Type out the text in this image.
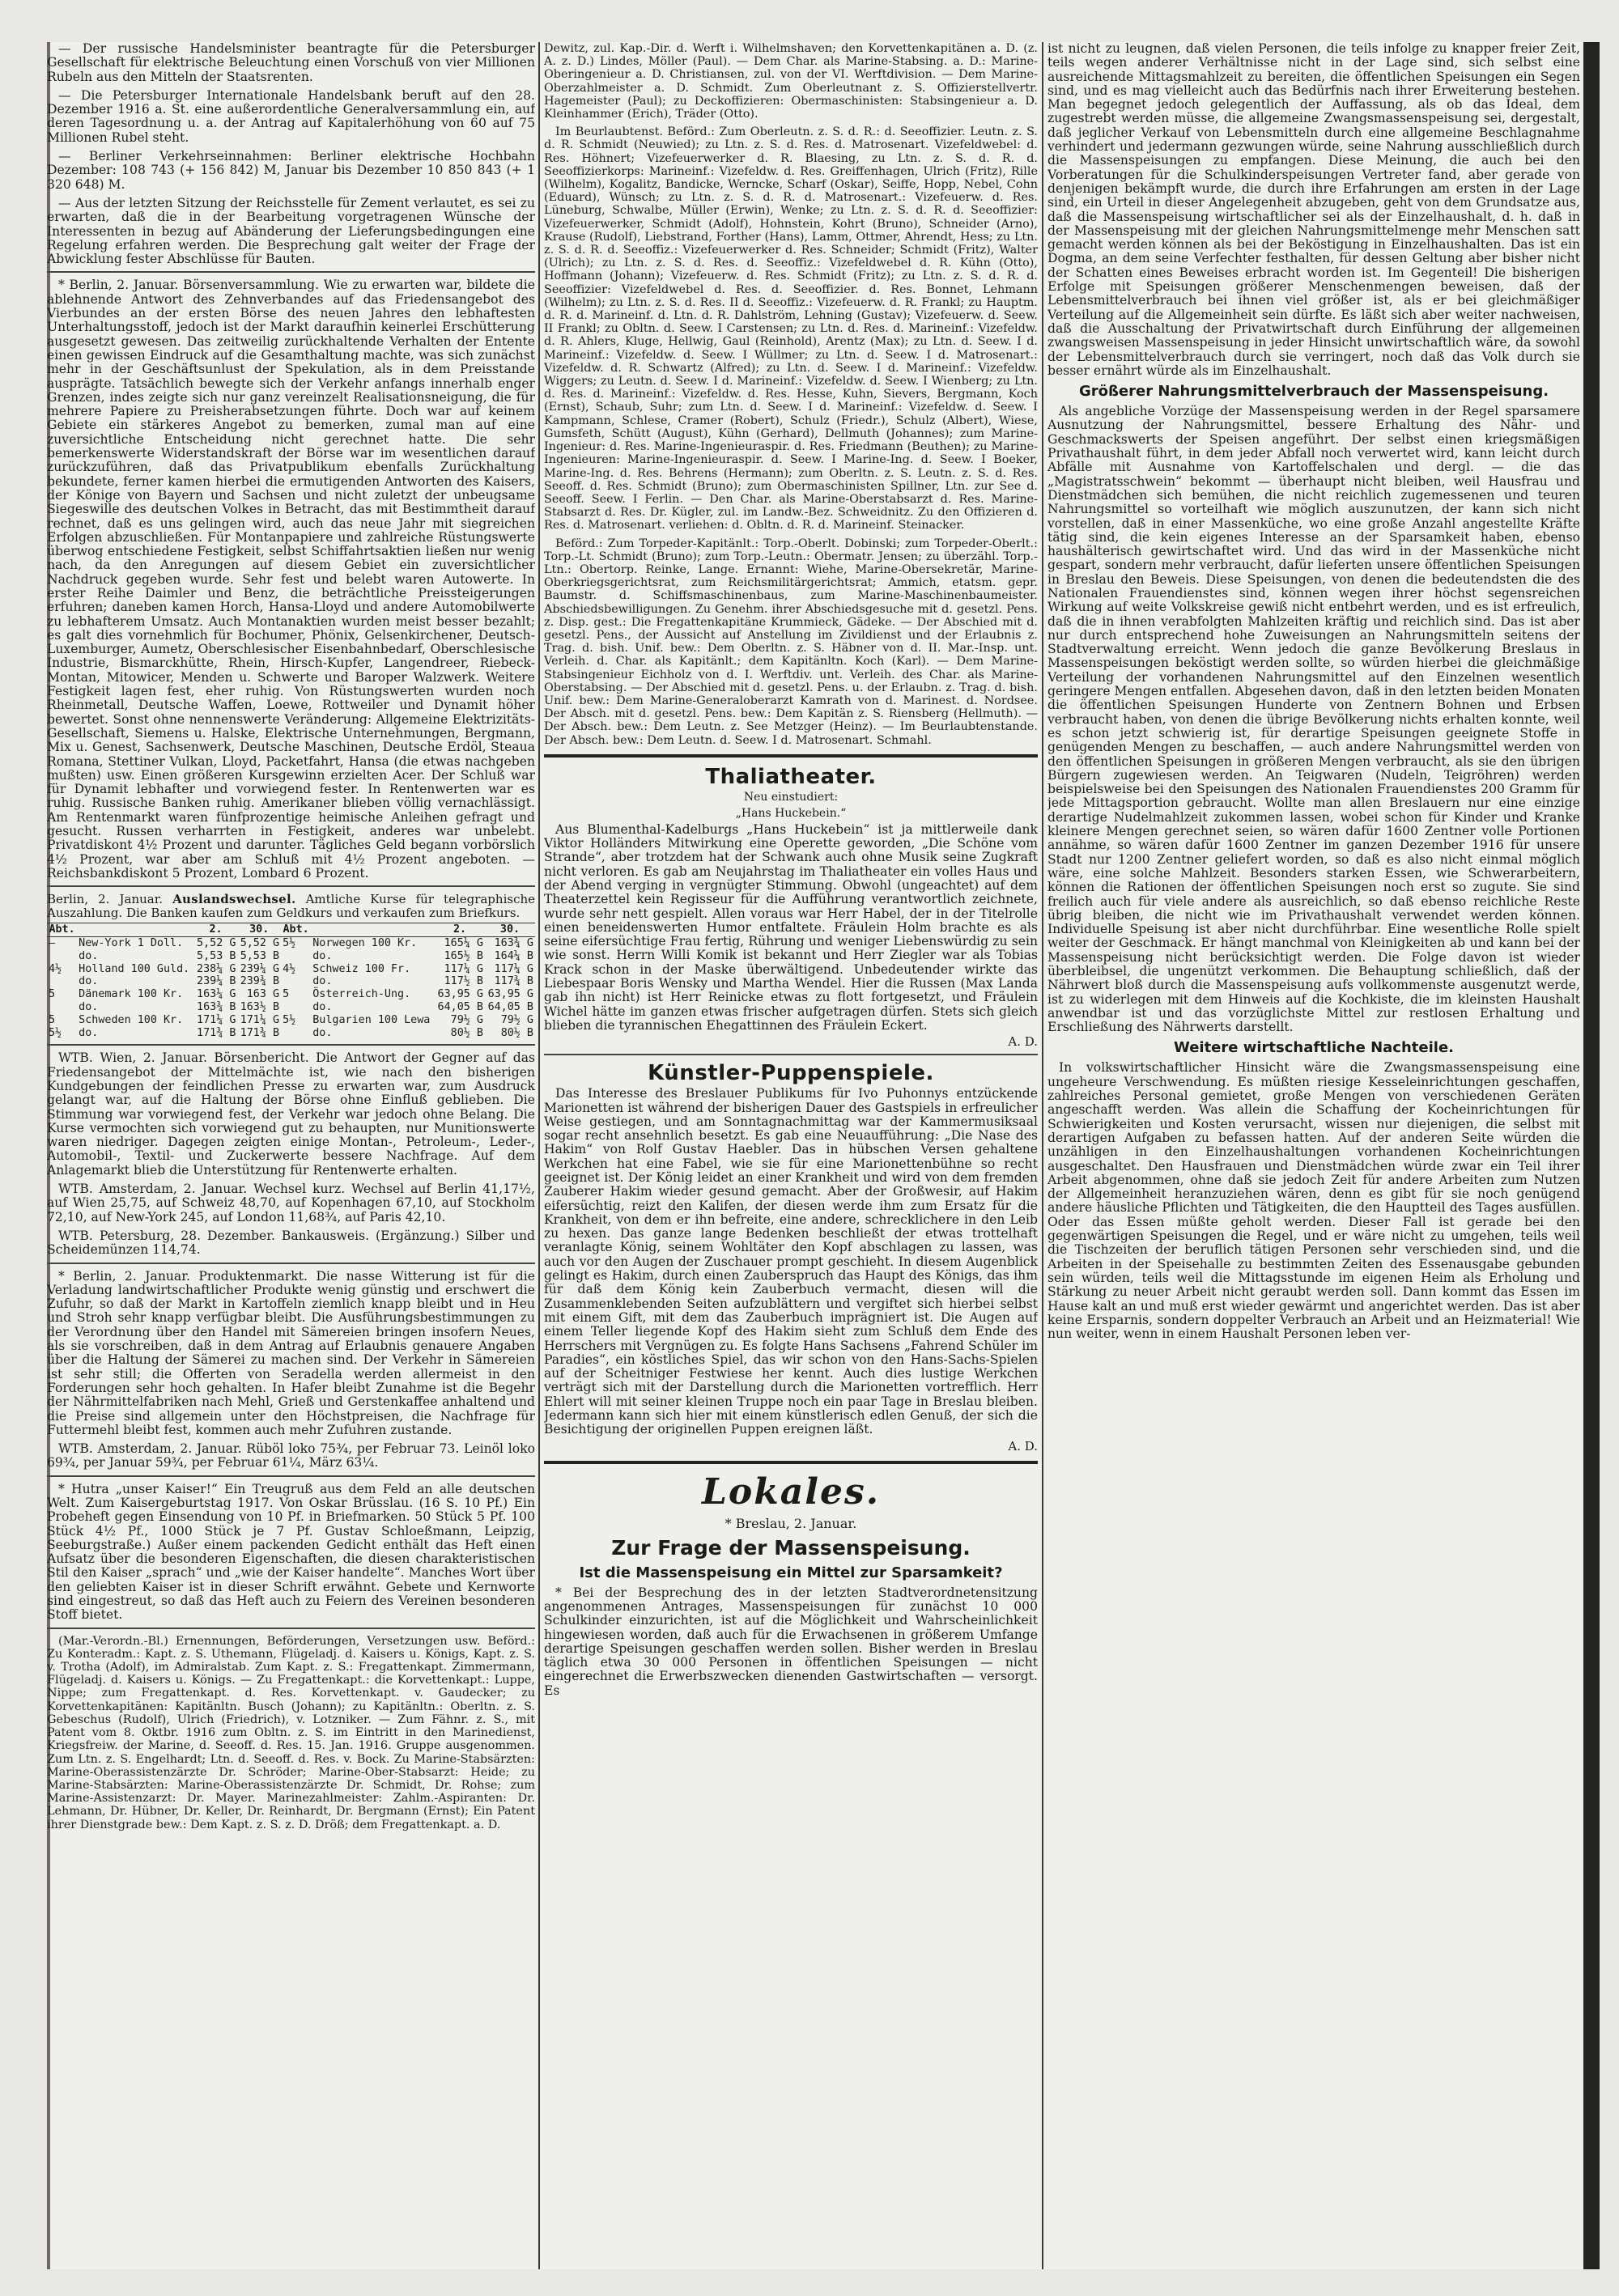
— Der russische Handelsminister beantragte für die Petersburger Gesellschaft für elektrische Beleuchtung einen Vorschuß von vier Millionen Rubeln aus den Mitteln der Staatsrenten.

— Die Petersburger Internationale Handelsbank beruft auf den 28. Dezember 1916 a. St. eine außerordentliche Generalversammlung ein, auf deren Tagesordnung u. a. der Antrag auf Kapitalerhöhung von 60 auf 75 Millionen Rubel steht.

— Berliner Verkehrseinnahmen: Berliner elektrische Hochbahn Dezember: 108 743 (+ 156 842) M, Januar bis Dezember 10 850 843 (+ 1 320 648) M.

— Aus der letzten Sitzung der Reichsstelle für Zement verlautet, es sei zu erwarten, daß die in der Bearbeitung vorgetragenen Wünsche der Interessenten in bezug auf Abänderung der Lieferungsbedingungen eine Regelung erfahren werden. Die Besprechung galt weiter der Frage der Abwicklung fester Abschlüsse für Bauten.

* Berlin, 2. Januar. Börsenversammlung. Wie zu erwarten war, bildete die ablehnende Antwort des Zehnverbandes auf das Friedensangebot des Vierbundes an der ersten Börse des neuen Jahres den lebhaftesten Unterhaltungsstoff, jedoch ist der Markt daraufhin keinerlei Erschütterung ausgesetzt gewesen. Das zeitweilig zurückhaltende Verhalten der Entente einen gewissen Eindruck auf die Gesamthaltung machte, was sich zunächst mehr in der Geschäftsunlust der Spekulation, als in dem Preisstande ausprägte. Tatsächlich bewegte sich der Verkehr anfangs innerhalb enger Grenzen, indes zeigte sich nur ganz vereinzelt Realisationsneigung, die für mehrere Papiere zu Preisherabsetzungen führte. Doch war auf keinem Gebiete ein stärkeres Angebot zu bemerken, zumal man auf eine zuversichtliche Entscheidung nicht gerechnet hatte. Die sehr bemerkenswerte Widerstandskraft der Börse war im wesentlichen darauf zurückzuführen, daß das Privatpublikum ebenfalls Zurückhaltung bekundete, ferner kamen hierbei die ermutigenden Antworten des Kaisers, der Könige von Bayern und Sachsen und nicht zuletzt der unbeugsame Siegeswille des deutschen Volkes in Betracht, das mit Bestimmtheit darauf rechnet, daß es uns gelingen wird, auch das neue Jahr mit siegreichen Erfolgen abzuschließen. Für Montanpapiere und zahlreiche Rüstungswerte überwog entschiedene Festigkeit, selbst Schiffahrtsaktien ließen nur wenig nach, da den Anregungen auf diesem Gebiet ein zuversichtlicher Nachdruck gegeben wurde. Sehr fest und belebt waren Autowerte. In erster Reihe Daimler und Benz, die beträchtliche Preissteigerungen erfuhren; daneben kamen Horch, Hansa-Lloyd und andere Automobilwerte zu lebhafterem Umsatz. Auch Montanaktien wurden meist besser bezahlt; es galt dies vornehmlich für Bochumer, Phönix, Gelsenkirchener, Deutsch-Luxemburger, Aumetz, Oberschlesischer Eisenbahnbedarf, Oberschlesische Industrie, Bismarckhütte, Rhein, Hirsch-Kupfer, Langendreer, Riebeck-Montan, Mitowicer, Menden u. Schwerte und Baroper Walzwerk. Weitere Festigkeit lagen fest, eher ruhig. Von Rüstungswerten wurden noch Rheinmetall, Deutsche Waffen, Loewe, Rottweiler und Dynamit höher bewertet. Sonst ohne nennenswerte Veränderung: Allgemeine Elektrizitäts-Gesellschaft, Siemens u. Halske, Elektrische Unternehmungen, Bergmann, Mix u. Genest, Sachsenwerk, Deutsche Maschinen, Deutsche Erdöl, Steaua Romana, Stettiner Vulkan, Lloyd, Packetfahrt, Hansa (die etwas nachgeben mußten) usw. Einen größeren Kursgewinn erzielten Acer. Der Schluß war für Dynamit lebhafter und vorwiegend fester. In Rentenwerten war es ruhig. Russische Banken ruhig. Amerikaner blieben völlig vernachlässigt. Am Rentenmarkt waren fünfprozentige heimische Anleihen gefragt und gesucht. Russen verharrten in Festigkeit, anderes war unbelebt. Privatdiskont 4½ Prozent und darunter. Tägliches Geld begann vorbörslich 4½ Prozent, war aber am Schluß mit 4½ Prozent angeboten. — Reichsbankdiskont 5 Prozent, Lombard 6 Prozent.

Berlin, 2. Januar. Auslandswechsel. Amtliche Kurse für telegraphische Auszahlung. Die Banken kaufen zum Geldkurs und verkaufen zum Briefkurs.

Abt.		2.	30.	Abt.		2.	30.
—	New-York 1 Doll.	5,52 G	5,52 G	5½	Norwegen 100 Kr.	165¼ G	163¾ G
	do.	5,53 B	5,53 B		do.	165½ B	164¼ B
4½	Holland 100 Guld.	238¼ G	239¼ G	4½	Schweiz 100 Fr.	117¼ G	117¼ G
	do.	239¼ B	239¾ B		do.	117½ B	117¾ B
5	Dänemark 100 Kr.	163¼ G	163 G	5	Österreich-Ung.	63,95 G	63,95 G
	do.	163¾ B	163½ B		do.	64,05 B	64,05 B
5	Schweden 100 Kr.	171¼ G	171¼ G	5½	Bulgarien 100 Lewa	79½ G	79½ G
5½	do.	171¾ B	171¾ B		do.	80½ B	80½ B

WTB. Wien, 2. Januar. Börsenbericht. Die Antwort der Gegner auf das Friedensangebot der Mittelmächte ist, wie nach den bisherigen Kundgebungen der feindlichen Presse zu erwarten war, zum Ausdruck gelangt war, auf die Haltung der Börse ohne Einfluß geblieben. Die Stimmung war vorwiegend fest, der Verkehr war jedoch ohne Belang. Die Kurse vermochten sich vorwiegend gut zu behaupten, nur Munitionswerte waren niedriger. Dagegen zeigten einige Montan-, Petroleum-, Leder-, Automobil-, Textil- und Zuckerwerte bessere Nachfrage. Auf dem Anlagemarkt blieb die Unterstützung für Rentenwerte erhalten.

WTB. Amsterdam, 2. Januar. Wechsel kurz. Wechsel auf Berlin 41,17½, auf Wien 25,75, auf Schweiz 48,70, auf Kopenhagen 67,10, auf Stockholm 72,10, auf New-York 245, auf London 11,68¾, auf Paris 42,10.

WTB. Petersburg, 28. Dezember. Bankausweis. (Ergänzung.) Silber und Scheidemünzen 114,74.

* Berlin, 2. Januar. Produktenmarkt. Die nasse Witterung ist für die Verladung landwirtschaftlicher Produkte wenig günstig und erschwert die Zufuhr, so daß der Markt in Kartoffeln ziemlich knapp bleibt und in Heu und Stroh sehr knapp verfügbar bleibt. Die Ausführungsbestimmungen zu der Verordnung über den Handel mit Sämereien bringen insofern Neues, als sie vorschreiben, daß in dem Antrag auf Erlaubnis genauere Angaben über die Haltung der Sämerei zu machen sind. Der Verkehr in Sämereien ist sehr still; die Offerten von Seradella werden allermeist in den Forderungen sehr hoch gehalten. In Hafer bleibt Zunahme ist die Begehr der Nährmittelfabriken nach Mehl, Grieß und Gerstenkaffee anhaltend und die Preise sind allgemein unter den Höchstpreisen, die Nachfrage für Futtermehl bleibt fest, kommen auch mehr Zufuhren zustande.

WTB. Amsterdam, 2. Januar. Rüböl loko 75¾, per Februar 73. Leinöl loko 69¾, per Januar 59¾, per Februar 61¼, März 63¼.

* Hutra „unser Kaiser!“ Ein Treugruß aus dem Feld an alle deutschen Welt. Zum Kaisergeburtstag 1917. Von Oskar Brüsslau. (16 S. 10 Pf.) Ein Probeheft gegen Einsendung von 10 Pf. in Briefmarken. 50 Stück 5 Pf. 100 Stück 4½ Pf., 1000 Stück je 7 Pf. Gustav Schloeßmann, Leipzig, Seeburgstraße.) Außer einem packenden Gedicht enthält das Heft einen Aufsatz über die besonderen Eigenschaften, die diesen charakteristischen Stil den Kaiser „sprach“ und „wie der Kaiser handelte“. Manches Wort über den geliebten Kaiser ist in dieser Schrift erwähnt. Gebete und Kernworte sind eingestreut, so daß das Heft auch zu Feiern des Vereinen besonderen Stoff bietet.

(Mar.-Verordn.-Bl.) Ernennungen, Beförderungen, Versetzungen usw. Beförd.: Zu Konteradm.: Kapt. z. S. Uthemann, Flügeladj. d. Kaisers u. Königs, Kapt. z. S. v. Trotha (Adolf), im Admiralstab. Zum Kapt. z. S.: Fregattenkapt. Zimmermann, Flügeladj. d. Kaisers u. Königs. — Zu Fregattenkapt.: die Korvettenkapt.: Luppe, Nippe; zum Fregattenkapt. d. Res. Korvettenkapt. v. Gaudecker; zu Korvettenkapitänen: Kapitänltn. Busch (Johann); zu Kapitänltn.: Oberltn. z. S. Gebeschus (Rudolf), Ulrich (Friedrich), v. Lotzniker. — Zum Fähnr. z. S., mit Patent vom 8. Oktbr. 1916 zum Obltn. z. S. im Eintritt in den Marinedienst, Kriegsfreiw. der Marine, d. Seeoff. d. Res. 15. Jan. 1916. Gruppe ausgenommen. Zum Ltn. z. S. Engelhardt; Ltn. d. Seeoff. d. Res. v. Bock. Zu Marine-Stabsärzten: Marine-Oberassistenzärzte Dr. Schröder; Marine-Ober-Stabsarzt: Heide; zu Marine-Stabsärzten: Marine-Oberassistenzärzte Dr. Schmidt, Dr. Rohse; zum Marine-Assistenzarzt: Dr. Mayer. Marinezahlmeister: Zahlm.-Aspiranten: Dr. Lehmann, Dr. Hübner, Dr. Keller, Dr. Reinhardt, Dr. Bergmann (Ernst); Ein Patent ihrer Dienstgrade bew.: Dem Kapt. z. S. z. D. Dröß; dem Fregattenkapt. a. D.

Dewitz, zul. Kap.-Dir. d. Werft i. Wilhelmshaven; den Korvettenkapitänen a. D. (z. A. z. D.) Lindes, Möller (Paul). — Dem Char. als Marine-Stabsing. a. D.: Marine-Oberingenieur a. D. Christiansen, zul. von der VI. Werftdivision. — Dem Marine-Oberzahlmeister a. D. Schmidt. Zum Oberleutnant z. S. Offizierstellvertr. Hagemeister (Paul); zu Deckoffizieren: Obermaschinisten: Stabsingenieur a. D. Kleinhammer (Erich), Träder (Otto).

Im Beurlaubtenst. Beförd.: Zum Oberleutn. z. S. d. R.: d. Seeoffizier. Leutn. z. S. d. R. Schmidt (Neuwied); zu Ltn. z. S. d. Res. d. Matrosenart. Vizefeldwebel: d. Res. Höhnert; Vizefeuerwerker d. R. Blaesing, zu Ltn. z. S. d. R. d. Seeoffizierkorps: Marineinf.: Vizefeldw. d. Res. Greiffenhagen, Ulrich (Fritz), Rille (Wilhelm), Kogalitz, Bandicke, Werncke, Scharf (Oskar), Seiffe, Hopp, Nebel, Cohn (Eduard), Wünsch; zu Ltn. z. S. d. R. d. Matrosenart.: Vizefeuerw. d. Res. Lüneburg, Schwalbe, Müller (Erwin), Wenke; zu Ltn. z. S. d. R. d. Seeoffizier: Vizefeuerwerker, Schmidt (Adolf), Hohnstein, Kohrt (Bruno), Schneider (Arno), Krause (Rudolf), Liebstrand, Forther (Hans), Lamm, Ottmer, Ahrendt, Hess; zu Ltn. z. S. d. R. d. Seeoffiz.: Vizefeuerwerker d. Res. Schneider; Schmidt (Fritz), Walter (Ulrich); zu Ltn. z. S. d. Res. d. Seeoffiz.: Vizefeldwebel d. R. Kühn (Otto), Hoffmann (Johann); Vizefeuerw. d. Res. Schmidt (Fritz); zu Ltn. z. S. d. R. d. Seeoffizier: Vizefeldwebel d. Res. d. Seeoffizier. d. Res. Bonnet, Lehmann (Wilhelm); zu Ltn. z. S. d. Res. II d. Seeoffiz.: Vizefeuerw. d. R. Frankl; zu Hauptm. d. R. d. Marineinf. d. Ltn. d. R. Dahlström, Lehning (Gustav); Vizefeuerw. d. Seew. II Frankl; zu Obltn. d. Seew. I Carstensen; zu Ltn. d. Res. d. Marineinf.: Vizefeldw. d. R. Ahlers, Kluge, Hellwig, Gaul (Reinhold), Arentz (Max); zu Ltn. d. Seew. I d. Marineinf.: Vizefeldw. d. Seew. I Wüllmer; zu Ltn. d. Seew. I d. Matrosenart.: Vizefeldw. d. R. Schwartz (Alfred); zu Ltn. d. Seew. I d. Marineinf.: Vizefeldw. Wiggers; zu Leutn. d. Seew. I d. Marineinf.: Vizefeldw. d. Seew. I Wienberg; zu Ltn. d. Res. d. Marineinf.: Vizefeldw. d. Res. Hesse, Kuhn, Sievers, Bergmann, Koch (Ernst), Schaub, Suhr; zum Ltn. d. Seew. I d. Marineinf.: Vizefeldw. d. Seew. I Kampmann, Schlese, Cramer (Robert), Schulz (Friedr.), Schulz (Albert), Wiese, Gumsfeth, Schütt (August), Kühn (Gerhard), Dellmuth (Johannes); zum Marine-Ingenieur: d. Res. Marine-Ingenieuraspir. d. Res. Friedmann (Beuthen); zu Marine-Ingenieuren: Marine-Ingenieuraspir. d. Seew. I Marine-Ing. d. Seew. I Boeker, Marine-Ing. d. Res. Behrens (Hermann); zum Oberltn. z. S. Leutn. z. S. d. Res. Seeoff. d. Res. Schmidt (Bruno); zum Obermaschinisten Spillner, Ltn. zur See d. Seeoff. Seew. I Ferlin. — Den Char. als Marine-Oberstabsarzt d. Res. Marine-Stabsarzt d. Res. Dr. Kügler, zul. im Landw.-Bez. Schweidnitz. Zu den Offizieren d. Res. d. Matrosenart. verliehen: d. Obltn. d. R. d. Marineinf. Steinacker.

Beförd.: Zum Torpeder-Kapitänlt.: Torp.-Oberlt. Dobinski; zum Torpeder-Oberlt.: Torp.-Lt. Schmidt (Bruno); zum Torp.-Leutn.: Obermatr. Jensen; zu überzähl. Torp.-Ltn.: Obertorp. Reinke, Lange. Ernannt: Wiehe, Marine-Obersekretär, Marine-Oberkriegsgerichtsrat, zum Reichsmilitärgerichtsrat; Ammich, etatsm. gepr. Baumstr. d. Schiffsmaschinenbaus, zum Marine-Maschinenbaumeister. Abschiedsbewilligungen. Zu Genehm. ihrer Abschiedsgesuche mit d. gesetzl. Pens. z. Disp. gest.: Die Fregattenkapitäne Krummieck, Gädeke. — Der Abschied mit d. gesetzl. Pens., der Aussicht auf Anstellung im Zivildienst und der Erlaubnis z. Trag. d. bish. Unif. bew.: Dem Oberltn. z. S. Häbner von d. II. Mar.-Insp. unt. Verleih. d. Char. als Kapitänlt.; dem Kapitänltn. Koch (Karl). — Dem Marine-Stabsingenieur Eichholz von d. I. Werftdiv. unt. Verleih. des Char. als Marine-Oberstabsing. — Der Abschied mit d. gesetzl. Pens. u. der Erlaubn. z. Trag. d. bish. Unif. bew.: Dem Marine-Generaloberarzt Kamrath von d. Marinest. d. Nordsee. Der Absch. mit d. gesetzl. Pens. bew.: Dem Kapitän z. S. Riensberg (Hellmuth). — Der Absch. bew.: Dem Leutn. z. See Metzger (Heinz). — Im Beurlaubtenstande. Der Absch. bew.: Dem Leutn. d. Seew. I d. Matrosenart. Schmahl.

Thaliatheater.
Neu einstudiert:
„Hans Huckebein.“

Aus Blumenthal-Kadelburgs „Hans Huckebein“ ist ja mittlerweile dank Viktor Holländers Mitwirkung eine Operette geworden, „Die Schöne vom Strande“, aber trotzdem hat der Schwank auch ohne Musik seine Zugkraft nicht verloren. Es gab am Neujahrstag im Thaliatheater ein volles Haus und der Abend verging in vergnügter Stimmung. Obwohl (ungeachtet) auf dem Theaterzettel kein Regisseur für die Aufführung verantwortlich zeichnete, wurde sehr nett gespielt. Allen voraus war Herr Habel, der in der Titelrolle einen beneidenswerten Humor entfaltete. Fräulein Holm brachte es als seine eifersüchtige Frau fertig, Rührung und weniger Liebenswürdig zu sein wie sonst. Herrn Willi Komik ist bekannt und Herr Ziegler war als Tobias Krack schon in der Maske überwältigend. Unbedeutender wirkte das Liebespaar Boris Wensky und Martha Wendel. Hier die Russen (Max Landa gab ihn nicht) ist Herr Reinicke etwas zu flott fortgesetzt, und Fräulein Wichel hätte im ganzen etwas frischer aufgetragen dürfen. Stets sich gleich blieben die tyrannischen Ehegattinnen des Fräulein Eckert.

A. D.
Künstler-Puppenspiele.

Das Interesse des Breslauer Publikums für Ivo Puhonnys entzückende Marionetten ist während der bisherigen Dauer des Gastspiels in erfreulicher Weise gestiegen, und am Sonntagnachmittag war der Kammermusiksaal sogar recht ansehnlich besetzt. Es gab eine Neuaufführung: „Die Nase des Hakim“ von Rolf Gustav Haebler. Das in hübschen Versen gehaltene Werkchen hat eine Fabel, wie sie für eine Marionettenbühne so recht geeignet ist. Der König leidet an einer Krankheit und wird von dem fremden Zauberer Hakim wieder gesund gemacht. Aber der Großwesir, auf Hakim eifersüchtig, reizt den Kalifen, der diesen werde ihm zum Ersatz für die Krankheit, von dem er ihn befreite, eine andere, schrecklichere in den Leib zu hexen. Das ganze lange Bedenken beschließt der etwas trottelhaft veranlagte König, seinem Wohltäter den Kopf abschlagen zu lassen, was auch vor den Augen der Zuschauer prompt geschieht. In diesem Augenblick gelingt es Hakim, durch einen Zauberspruch das Haupt des Königs, das ihm für daß dem König kein Zauberbuch vermacht, diesen will die Zusammenklebenden Seiten aufzublättern und vergiftet sich hierbei selbst mit einem Gift, mit dem das Zauberbuch imprägniert ist. Die Augen auf einem Teller liegende Kopf des Hakim sieht zum Schluß dem Ende des Herrschers mit Vergnügen zu. Es folgte Hans Sachsens „Fahrend Schüler im Paradies“, ein köstliches Spiel, das wir schon von den Hans-Sachs-Spielen auf der Scheitniger Festwiese her kennt. Auch dies lustige Werkchen verträgt sich mit der Darstellung durch die Marionetten vortrefflich. Herr Ehlert will mit seiner kleinen Truppe noch ein paar Tage in Breslau bleiben. Jedermann kann sich hier mit einem künstlerisch edlen Genuß, der sich die Besichtigung der originellen Puppen ereignen läßt.

A. D.
Lokales.
* Breslau, 2. Januar.
Zur Frage der Massenspeisung.
Ist die Massenspeisung ein Mittel zur Sparsamkeit?

* Bei der Besprechung des in der letzten Stadtverordnetensitzung angenommenen Antrages, Massenspeisungen für zunächst 10 000 Schulkinder einzurichten, ist auf die Möglichkeit und Wahrscheinlichkeit hingewiesen worden, daß auch für die Erwachsenen in größerem Umfange derartige Speisungen geschaffen werden sollen. Bisher werden in Breslau täglich etwa 30 000 Personen in öffentlichen Speisungen — nicht eingerechnet die Erwerbszwecken dienenden Gastwirtschaften — versorgt. Es

ist nicht zu leugnen, daß vielen Personen, die teils infolge zu knapper freier Zeit, teils wegen anderer Verhältnisse nicht in der Lage sind, sich selbst eine ausreichende Mittagsmahlzeit zu bereiten, die öffentlichen Speisungen ein Segen sind, und es mag vielleicht auch das Bedürfnis nach ihrer Erweiterung bestehen. Man begegnet jedoch gelegentlich der Auffassung, als ob das Ideal, dem zugestrebt werden müsse, die allgemeine Zwangsmassenspeisung sei, dergestalt, daß jeglicher Verkauf von Lebensmitteln durch eine allgemeine Beschlagnahme verhindert und jedermann gezwungen würde, seine Nahrung ausschließlich durch die Massenspeisungen zu empfangen. Diese Meinung, die auch bei den Vorberatungen für die Schulkinderspeisungen Vertreter fand, aber gerade von denjenigen bekämpft wurde, die durch ihre Erfahrungen am ersten in der Lage sind, ein Urteil in dieser Angelegenheit abzugeben, geht von dem Grundsatze aus, daß die Massenspeisung wirtschaftlicher sei als der Einzelhaushalt, d. h. daß in der Massenspeisung mit der gleichen Nahrungsmittelmenge mehr Menschen satt gemacht werden können als bei der Beköstigung in Einzelhaushalten. Das ist ein Dogma, an dem seine Verfechter festhalten, für dessen Geltung aber bisher nicht der Schatten eines Beweises erbracht worden ist. Im Gegenteil! Die bisherigen Erfolge mit Speisungen größerer Menschenmengen beweisen, daß der Lebensmittelverbrauch bei ihnen viel größer ist, als er bei gleichmäßiger Verteilung auf die Allgemeinheit sein dürfte. Es läßt sich aber weiter nachweisen, daß die Ausschaltung der Privatwirtschaft durch Einführung der allgemeinen zwangsweisen Massenspeisung in jeder Hinsicht unwirtschaftlich wäre, da sowohl der Lebensmittelverbrauch durch sie verringert, noch daß das Volk durch sie besser ernährt würde als im Einzelhaushalt.

Größerer Nahrungsmittelverbrauch der Massenspeisung.

Als angebliche Vorzüge der Massenspeisung werden in der Regel sparsamere Ausnutzung der Nahrungsmittel, bessere Erhaltung des Nähr- und Geschmackswerts der Speisen angeführt. Der selbst einen kriegsmäßigen Privathaushalt führt, in dem jeder Abfall noch verwertet wird, kann leicht durch Abfälle mit Ausnahme von Kartoffelschalen und dergl. — die das „Magistratsschwein“ bekommt — überhaupt nicht bleiben, weil Hausfrau und Dienstmädchen sich bemühen, die nicht reichlich zugemessenen und teuren Nahrungsmittel so vorteilhaft wie möglich auszunutzen, der kann sich nicht vorstellen, daß in einer Massenküche, wo eine große Anzahl angestellte Kräfte tätig sind, die kein eigenes Interesse an der Sparsamkeit haben, ebenso haushälterisch gewirtschaftet wird. Und das wird in der Massenküche nicht gespart, sondern mehr verbraucht, dafür lieferten unsere öffentlichen Speisungen in Breslau den Beweis. Diese Speisungen, von denen die bedeutendsten die des Nationalen Frauendienstes sind, können wegen ihrer höchst segensreichen Wirkung auf weite Volkskreise gewiß nicht entbehrt werden, und es ist erfreulich, daß die in ihnen verabfolgten Mahlzeiten kräftig und reichlich sind. Das ist aber nur durch entsprechend hohe Zuweisungen an Nahrungsmitteln seitens der Stadtverwaltung erreicht. Wenn jedoch die ganze Bevölkerung Breslaus in Massenspeisungen beköstigt werden sollte, so würden hierbei die gleichmäßige Verteilung der vorhandenen Nahrungsmittel auf den Einzelnen wesentlich geringere Mengen entfallen. Abgesehen davon, daß in den letzten beiden Monaten die öffentlichen Speisungen Hunderte von Zentnern Bohnen und Erbsen verbraucht haben, von denen die übrige Bevölkerung nichts erhalten konnte, weil es schon jetzt schwierig ist, für derartige Speisungen geeignete Stoffe in genügenden Mengen zu beschaffen, — auch andere Nahrungsmittel werden von den öffentlichen Speisungen in größeren Mengen verbraucht, als sie den übrigen Bürgern zugewiesen werden. An Teigwaren (Nudeln, Teigröhren) werden beispielsweise bei den Speisungen des Nationalen Frauendienstes 200 Gramm für jede Mittagsportion gebraucht. Wollte man allen Breslauern nur eine einzige derartige Nudelmahlzeit zukommen lassen, wobei schon für Kinder und Kranke kleinere Mengen gerechnet seien, so wären dafür 1600 Zentner volle Portionen annähme, so wären dafür 1600 Zentner im ganzen Dezember 1916 für unsere Stadt nur 1200 Zentner geliefert worden, so daß es also nicht einmal möglich wäre, eine solche Mahlzeit. Besonders starken Essen, wie Schwerarbeitern, können die Rationen der öffentlichen Speisungen noch erst so zugute. Sie sind freilich auch für viele andere als ausreichlich, so daß ebenso reichliche Reste übrig bleiben, die nicht wie im Privathaushalt verwendet werden können. Individuelle Speisung ist aber nicht durchführbar. Eine wesentliche Rolle spielt weiter der Geschmack. Er hängt manchmal von Kleinigkeiten ab und kann bei der Massenspeisung nicht berücksichtigt werden. Die Folge davon ist wieder überbleibsel, die ungenützt verkommen. Die Behauptung schließlich, daß der Nährwert bloß durch die Massenspeisung aufs vollkommenste ausgenutzt werde, ist zu widerlegen mit dem Hinweis auf die Kochkiste, die im kleinsten Haushalt anwendbar ist und das vorzüglichste Mittel zur restlosen Erhaltung und Erschließung des Nährwerts darstellt.

Weitere wirtschaftliche Nachteile.

In volkswirtschaftlicher Hinsicht wäre die Zwangsmassenspeisung eine ungeheure Verschwendung. Es müßten riesige Kesseleinrichtungen geschaffen, zahlreiches Personal gemietet, große Mengen von verschiedenen Geräten angeschafft werden. Was allein die Schaffung der Kocheinrichtungen für Schwierigkeiten und Kosten verursacht, wissen nur diejenigen, die selbst mit derartigen Aufgaben zu befassen hatten. Auf der anderen Seite würden die unzähligen in den Einzelhaushaltungen vorhandenen Kocheinrichtungen ausgeschaltet. Den Hausfrauen und Dienstmädchen würde zwar ein Teil ihrer Arbeit abgenommen, ohne daß sie jedoch Zeit für andere Arbeiten zum Nutzen der Allgemeinheit heranzuziehen wären, denn es gibt für sie noch genügend andere häusliche Pflichten und Tätigkeiten, die den Hauptteil des Tages ausfüllen. Oder das Essen müßte geholt werden. Dieser Fall ist gerade bei den gegenwärtigen Speisungen die Regel, und er wäre nicht zu umgehen, teils weil die Tischzeiten der beruflich tätigen Personen sehr verschieden sind, und die Arbeiten in der Speisehalle zu bestimmten Zeiten des Essenausgabe gebunden sein würden, teils weil die Mittagsstunde im eigenen Heim als Erholung und Stärkung zu neuer Arbeit nicht geraubt werden soll. Dann kommt das Essen im Hause kalt an und muß erst wieder gewärmt und angerichtet werden. Das ist aber keine Ersparnis, sondern doppelter Verbrauch an Arbeit und an Heizmaterial! Wie nun weiter, wenn in einem Haushalt Personen leben ver-
